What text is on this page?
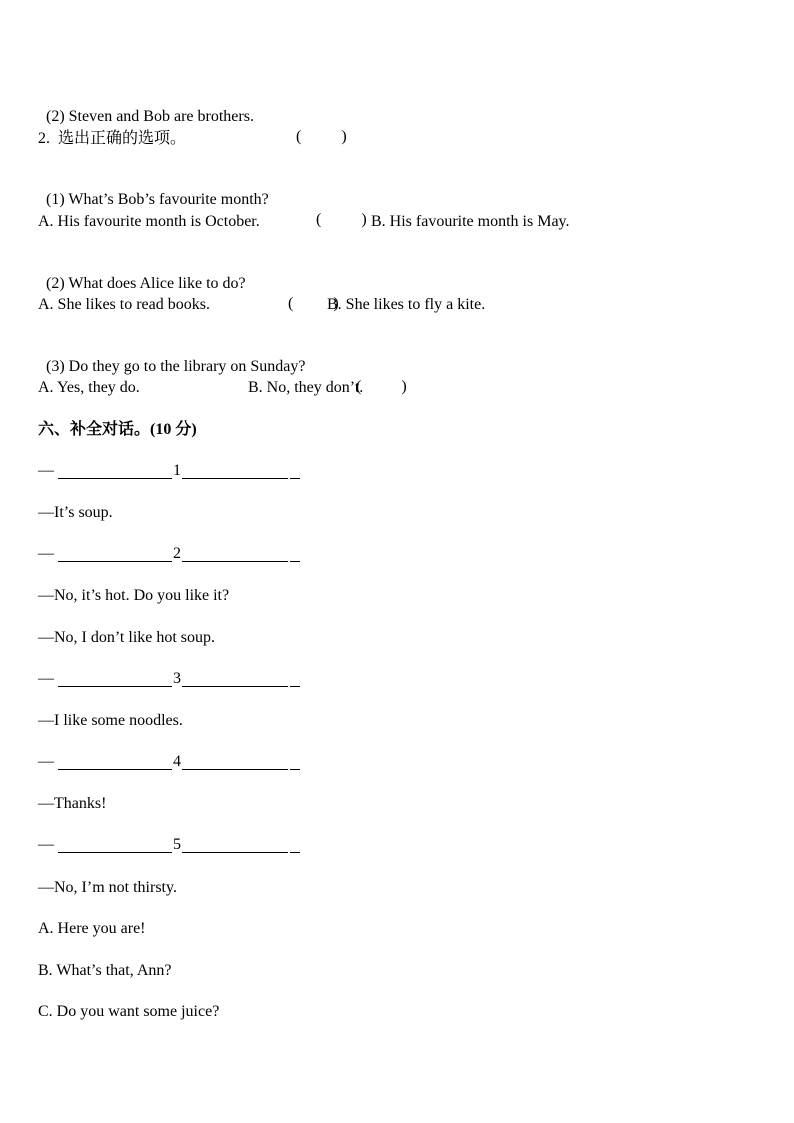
(2) Steven and Bob are brothers.

(          )

2.  选出正确的选项。

(1) What’s Bob’s favourite month?

(          )

A. His favourite month is October.	B. His favourite month is May.

(2) What does Alice like to do?

(          )

A. She likes to read books.	B. She likes to fly a kite.

(3) Do they go to the library on Sunday?

(          )

A. Yes, they do.	B. No, they don’t.
六、补全对话。(10 分)
—	1
—It’s soup.
—	2
—No, it’s hot. Do you like it?
—No, I don’t like hot soup.
—	3
—I like some noodles.
—	4
—Thanks!
—	5
—No, I’m not thirsty.
A. Here you are!
B. What’s that, Ann?
C. Do you want some juice?
